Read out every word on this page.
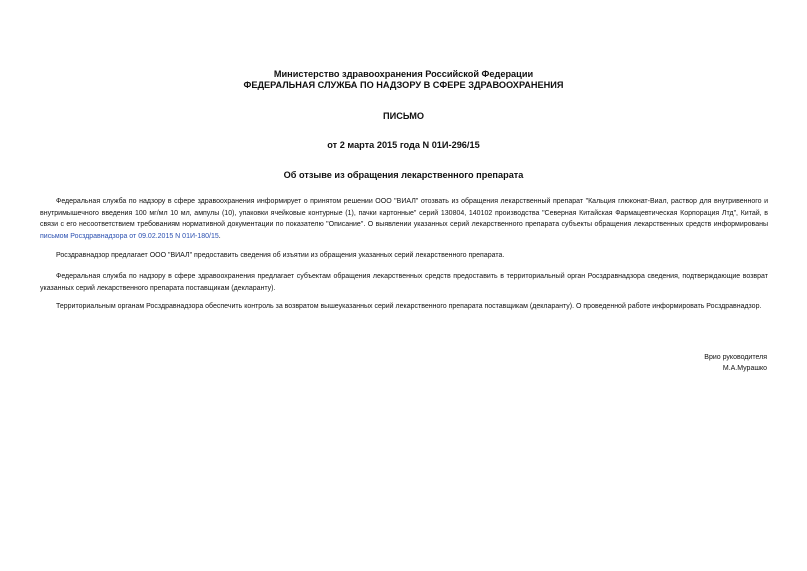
Министерство здравоохранения Российской Федерации
ФЕДЕРАЛЬНАЯ СЛУЖБА ПО НАДЗОРУ В СФЕРЕ ЗДРАВООХРАНЕНИЯ
ПИСЬМО
от 2 марта 2015 года N 01И-296/15
Об отзыве из обращения лекарственного препарата

Федеральная служба по надзору в сфере здравоохранения информирует о принятом решении ООО "ВИАЛ" отозвать из обращения лекарственный препарат "Кальция глюконат-Виал, раствор для внутривенного и внутримышечного введения 100 мг/мл 10 мл, ампулы (10), упаковки ячейковые контурные (1), пачки картонные" серий 130804, 140102 производства "Северная Китайская Фармацевтическая Корпорация Лтд", Китай, в связи с его несоответствием требованиям нормативной документации по показателю "Описание". О выявлении указанных серий лекарственного препарата субъекты обращения лекарственных средств информированы письмом Росздравнадзора от 09.02.2015 N 01И-180/15.

Росздравнадзор предлагает ООО "ВИАЛ" предоставить сведения об изъятии из обращения указанных серий лекарственного препарата.

Федеральная служба по надзору в сфере здравоохранения предлагает субъектам обращения лекарственных средств предоставить в территориальный орган Росздравнадзора сведения, подтверждающие возврат указанных серий лекарственного препарата поставщикам (декларанту).

Территориальным органам Росздравнадзора обеспечить контроль за возвратом вышеуказанных серий лекарственного препарата поставщикам (декларанту). О проведенной работе информировать Росздравнадзор.

Врио руководителя
М.А.Мурашко
